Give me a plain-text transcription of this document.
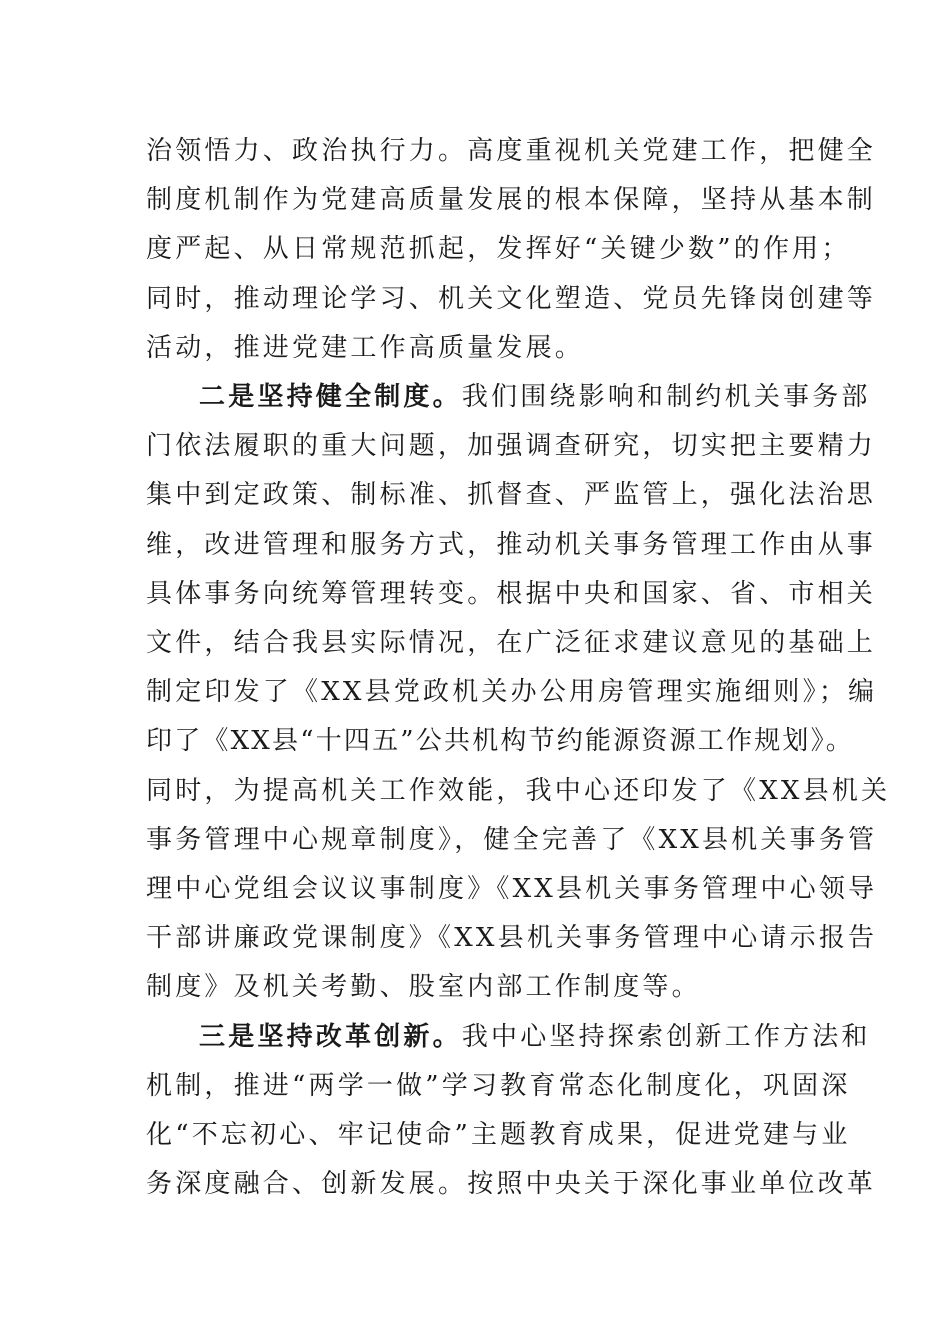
治领悟力、政治执行力。高度重视机关党建工作，把健全
制度机制作为党建高质量发展的根本保障，坚持从基本制
度严起、从日常规范抓起，发挥好“关键少数”的作用；
同时，推动理论学习、机关文化塑造、党员先锋岗创建等
活动，推进党建工作高质量发展。
二是坚持健全制度。我们围绕影响和制约机关事务部
门依法履职的重大问题，加强调查研究，切实把主要精力
集中到定政策、制标准、抓督查、严监管上，强化法治思
维，改进管理和服务方式，推动机关事务管理工作由从事
具体事务向统筹管理转变。根据中央和国家、省、市相关
文件，结合我县实际情况，在广泛征求建议意见的基础上
制定印发了《XX县党政机关办公用房管理实施细则》；编
印了《XX县“十四五”公共机构节约能源资源工作规划》。
同时，为提高机关工作效能，我中心还印发了《XX县机关
事务管理中心规章制度》，健全完善了《XX县机关事务管
理中心党组会议议事制度》《XX县机关事务管理中心领导
干部讲廉政党课制度》《XX县机关事务管理中心请示报告
制度》及机关考勤、股室内部工作制度等。
三是坚持改革创新。我中心坚持探索创新工作方法和
机制，推进“两学一做”学习教育常态化制度化，巩固深
化“不忘初心、牢记使命”主题教育成果，促进党建与业
务深度融合、创新发展。按照中央关于深化事业单位改革
